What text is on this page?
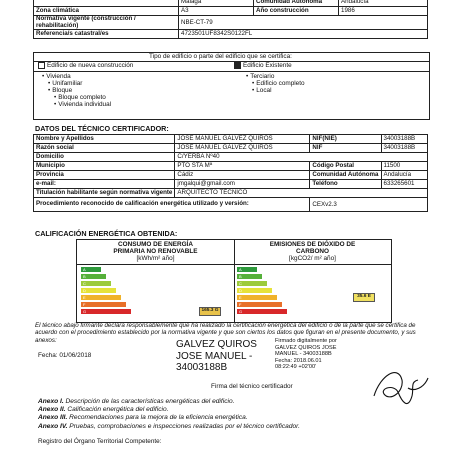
	Málaga	Comunidad Autónoma	Andalucía
Zona climática	A3	Año construcción	1986
Normativa vigente (construcción / rehabilitación)	NBE-CT-79		
Referencia/s catastral/es	4723501UF8342S0122FL		
Tipo de edificio o parte del edificio que se certifica:
Edificio de nueva construcción	Edificio Existente
• Vivienda
• Unifamiliar
• Bloque
• Bloque completo
• Vivienda individual
• Terciario
• Edificio completo
• Local
DATOS DEL TÉCNICO CERTIFICADOR:
Nombre y Apellidos	JOSE MANUEL GALVEZ QUIROS	NIF(NIE)	34003188B
Razón social	JOSE MANUEL GALVEZ QUIROS	NIF	34003188B
Domicilio	C/YERBA Nº40		
Municipio	PTO STA Mª	Código Postal	11500
Provincia	Cádiz	Comunidad Autónoma	Andalucía
e-mail:	jmgalqui@gmail.com	Teléfono	633265601
Titulación habilitante según normativa vigente	ARQUITECTO TÉCNICO		
Procedimiento reconocido de calificación energética utilizado y versión:		CEXv2.3	
CALIFICACIÓN ENERGÉTICA OBTENIDA:
CONSUMO DE ENERGÍA
PRIMARIA NO RENOVABLE
[kWh/m² año]
EMISIONES DE DIÓXIDO DE
CARBONO
[kgCO2/ m² año]
A
B
C
D
E
F
G
A
B
C
D
E
F
G
165.3 G
35.6 E
El técnico abajo firmante declara responsablemente que ha realizado la certificación energética del edificio o de la parte que se certifica de acuerdo con el procedimiento establecido por la normativa vigente y que son ciertos los datos que figuran en el presente documento, y sus anexos:
Fecha: 01/06/2018
GALVEZ QUIROS
JOSE MANUEL -
34003188B
Firmado digitalmente por
GALVEZ QUIROS JOSE
MANUEL - 34003188B
Fecha: 2018.06.01
08:22:49 +02'00'
Firma del técnico certificador
Anexo I. Descripción de las características energéticas del edificio.
Anexo II. Calificación energética del edificio.
Anexo III. Recomendaciones para la mejora de la eficiencia energética.
Anexo IV. Pruebas, comprobaciones e inspecciones realizadas por el técnico certificador.
Registro del Órgano Territorial Competente:
